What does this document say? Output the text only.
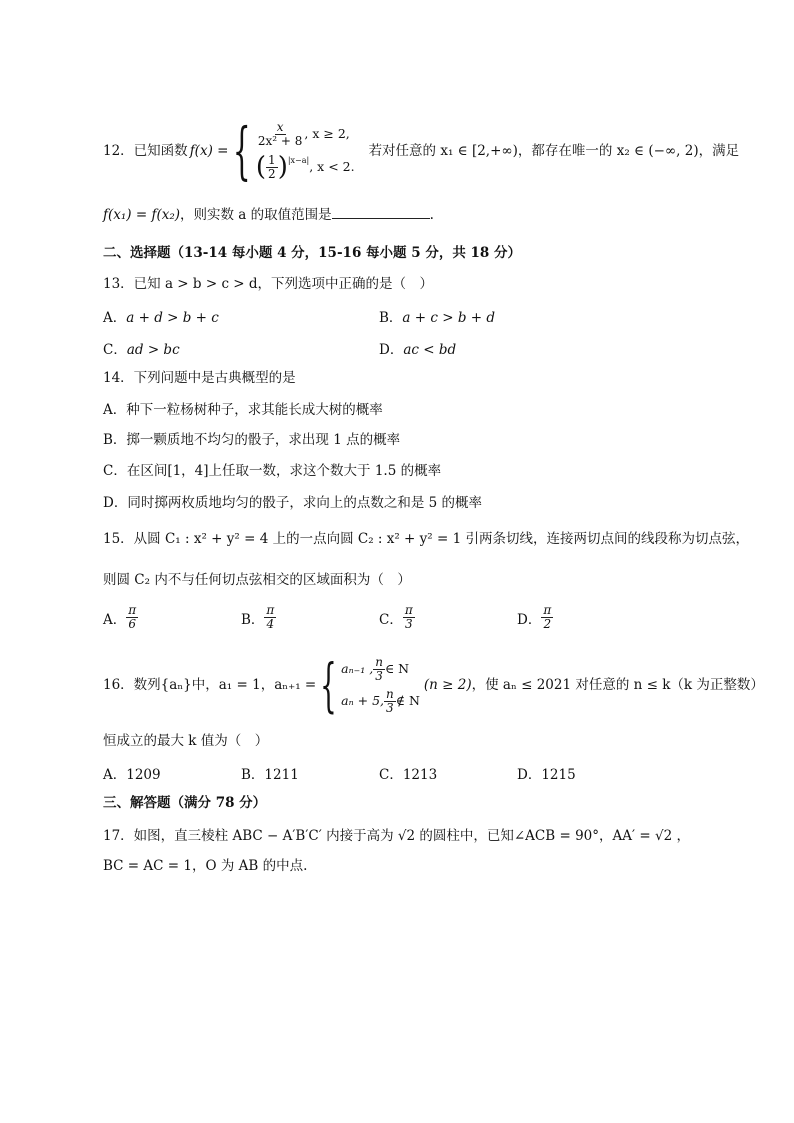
12．已知函数 f(x) = { $\frac{x}{\text{2x² + 8}}$ , x ≥ 2,
( $\frac{1}{2} )^{|x-a|}$ , x < 2.
若对任意的 x₁ ∈ [2,+∞)，都存在唯一的 x₂ ∈ (−∞, 2)，满足
f(x₁) = f(x₂)，则实数 a 的取值范围是	.
二、选择题（13-14 每小题 4 分，15-16 每小题 5 分，共 18 分）
13．已知 a > b > c > d，下列选项中正确的是（　）
A．a + d > b + c	B．a + c > b + d
C．ad > bc	D．ac < bd
14．下列问题中是古典概型的是
A．种下一粒杨树种子，求其能长成大树的概率
B．掷一颗质地不均匀的骰子，求出现 1 点的概率
C．在区间[1，4]上任取一数，求这个数大于 1.5 的概率
D．同时掷两枚质地均匀的骰子，求向上的点数之和是 5 的概率
15．从圆 C₁ : x² + y² = 4 上的一点向圆 C₂ : x² + y² = 1 引两条切线，连接两切点间的线段称为切点弦，
则圆 C₂ 内不与任何切点弦相交的区域面积为（　）
A． $\frac{\pi}{6}$	B． $\frac{\pi}{4}$	C． $\frac{\pi}{3}$	D． $\frac{\pi}{2}$
16．数列{aₙ}中，a₁ = 1，aₙ₊₁ = { aₙ₋₁ , $\frac{n}{3}$ ∈ N
aₙ + 5, $\frac{n}{3}$ ∉ N
(n ≥ 2) ，使 aₙ ≤ 2021 对任意的 n ≤ k（k 为正整数）
恒成立的最大 k 值为（　）
A．1209	B．1211	C．1213	D．1215
三、解答题（满分 78 分）
17．如图，直三棱柱 ABC − A′B′C′ 内接于高为 √2 的圆柱中，已知∠ACB = 90°，AA′ = √2 ，
BC = AC = 1，O 为 AB 的中点.
